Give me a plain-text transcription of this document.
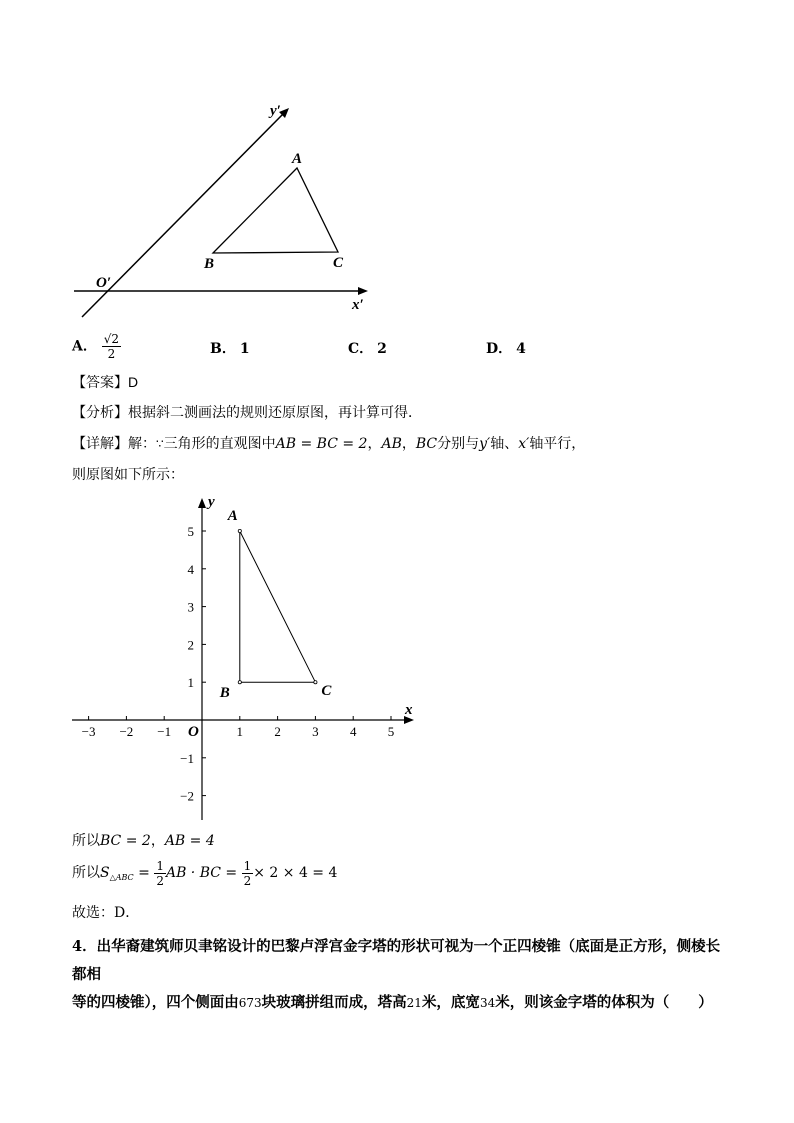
y′
x′
O′
A
B	C
A． $\frac{√2}{2}$	B． 1	C． 2	D． 4
【答案】D
【分析】根据斜二测画法的规则还原原图，再计算可得．
【详解】解：∵三角形的直观图中AB = BC = 2，AB，BC分别与y′轴、x′轴平行，
则原图如下所示：
−3 −2 −1	1 2 3 4 5
5
4
3
2
1
−1
−2
A
B	C
O
x
y
所以BC = 2，AB = 4
所以$S_{\triangle ABC} = \frac{1}{2}$ AB · BC = $\frac{1}{2} \times 2 \times 4 = 4$
故选：D．
4．出华裔建筑师贝聿铭设计的巴黎卢浮宫金字塔的形状可视为一个正四棱锥（底面是正方形，侧棱长都相
等的四棱锥），四个侧面由673块玻璃拼组而成，塔高21米，底宽34米，则该金字塔的体积为（　　）
